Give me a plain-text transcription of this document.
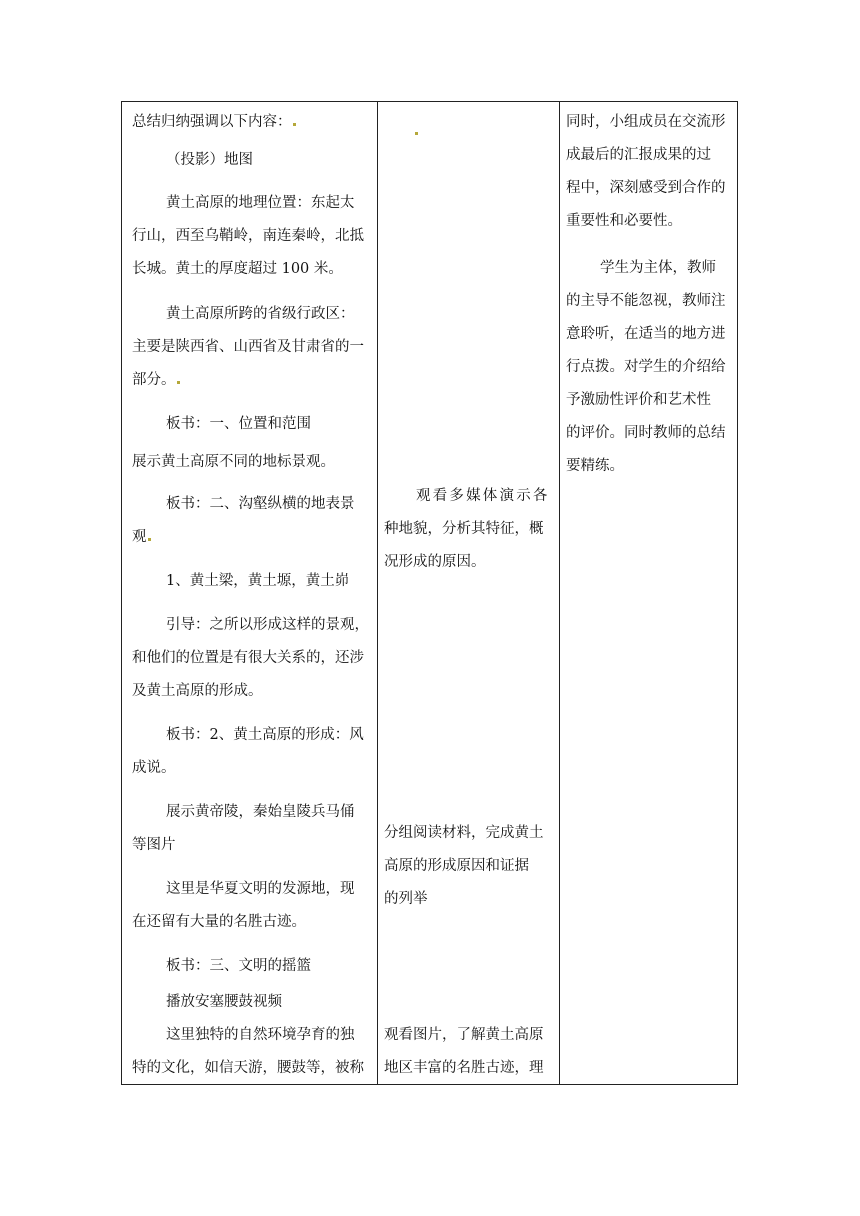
总结归纳强调以下内容：
（投影）地图
黄土高原的地理位置：东起太
行山，西至乌鞘岭，南连秦岭，北抵
长城。黄土的厚度超过 100 米。
黄土高原所跨的省级行政区：
主要是陕西省、山西省及甘肃省的一
部分。
板书：一、位置和范围
展示黄土高原不同的地标景观。
板书：二、沟壑纵横的地表景
观
1、黄土梁，黄土塬，黄土峁
引导：之所以形成这样的景观，
和他们的位置是有很大关系的，还涉
及黄土高原的形成。
板书：2、黄土高原的形成：风
成说。
展示黄帝陵，秦始皇陵兵马俑
等图片
这里是华夏文明的发源地，现
在还留有大量的名胜古迹。
板书：三、文明的摇篮
播放安塞腰鼓视频
这里独特的自然环境孕育的独
特的文化，如信天游，腰鼓等，被称
观看多媒体演示各
种地貌，分析其特征，概
况形成的原因。
分组阅读材料，完成黄土
高原的形成原因和证据
的列举
观看图片，了解黄土高原
地区丰富的名胜古迹，理
同时，小组成员在交流形
成最后的汇报成果的过
程中，深刻感受到合作的
重要性和必要性。
学生为主体，教师
的主导不能忽视，教师注
意聆听，在适当的地方进
行点拨。对学生的介绍给
予激励性评价和艺术性
的评价。同时教师的总结
要精练。
